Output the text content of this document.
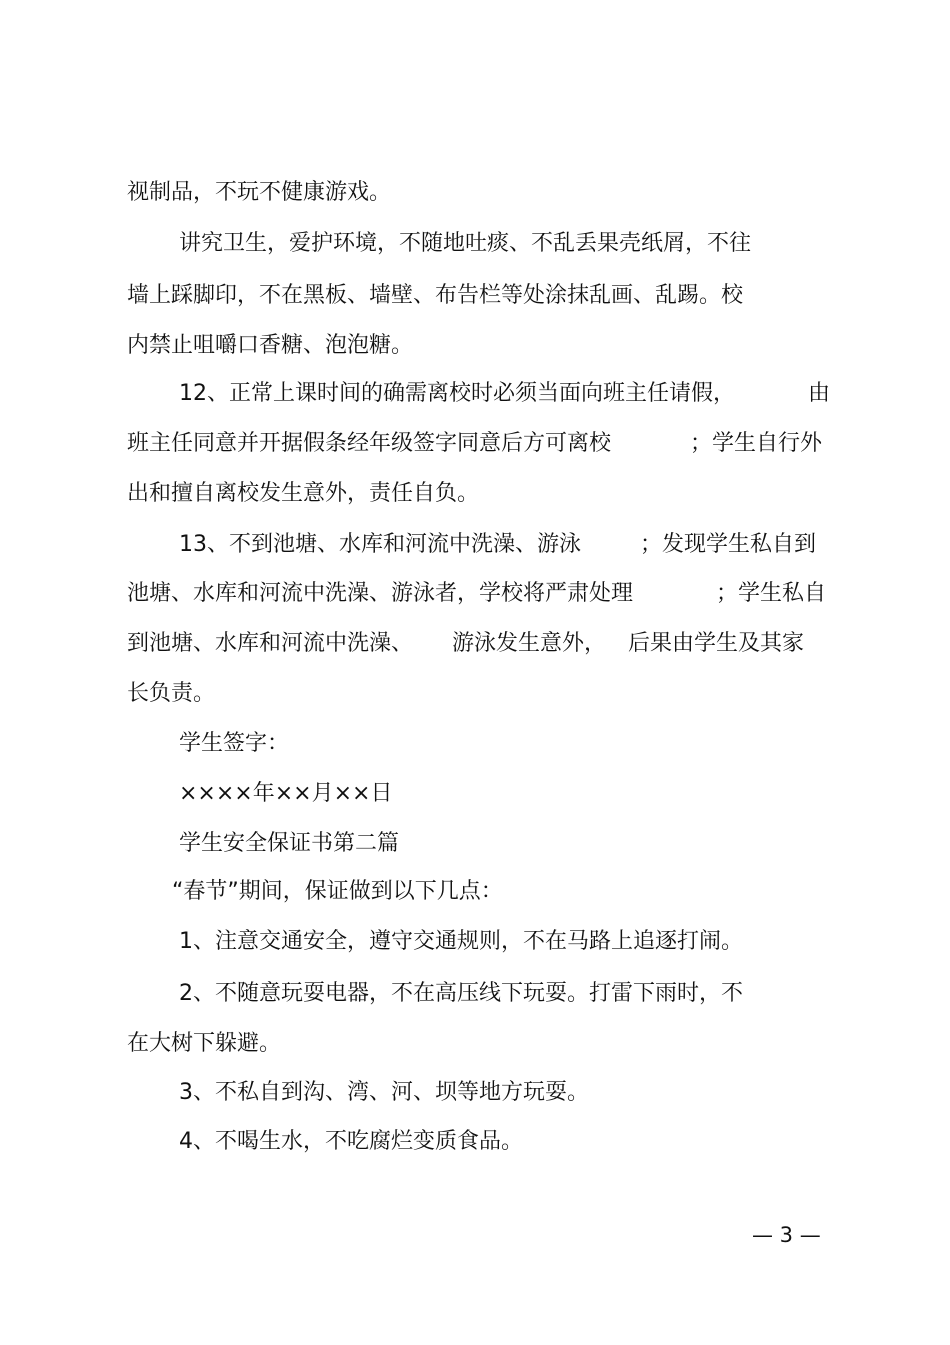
视制品，不玩不健康游戏。
讲究卫生，爱护环境，不随地吐痰、不乱丢果壳纸屑，不往
墙上踩脚印，不在黑板、墙壁、布告栏等处涂抹乱画、乱踢。校
内禁止咀嚼口香糖、泡泡糖。
12、正常上课时间的确需离校时必须当面向班主任请假，	由
班主任同意并开据假条经年级签字同意后方可离校	；学生自行外
出和擅自离校发生意外，责任自负。
13、不到池塘、水库和河流中洗澡、游泳	；发现学生私自到
池塘、水库和河流中洗澡、游泳者，学校将严肃处理	；学生私自
到池塘、水库和河流中洗澡、 游泳发生意外， 后果由学生及其家
长负责。
学生签字：
××××年××月××日
学生安全保证书第二篇
“春节”期间，保证做到以下几点：
1、注意交通安全，遵守交通规则，不在马路上追逐打闹。
2、不随意玩耍电器，不在高压线下玩耍。打雷下雨时，不
在大树下躲避。
3、不私自到沟、湾、河、坝等地方玩耍。
4、不喝生水，不吃腐烂变质食品。
— 3 —
